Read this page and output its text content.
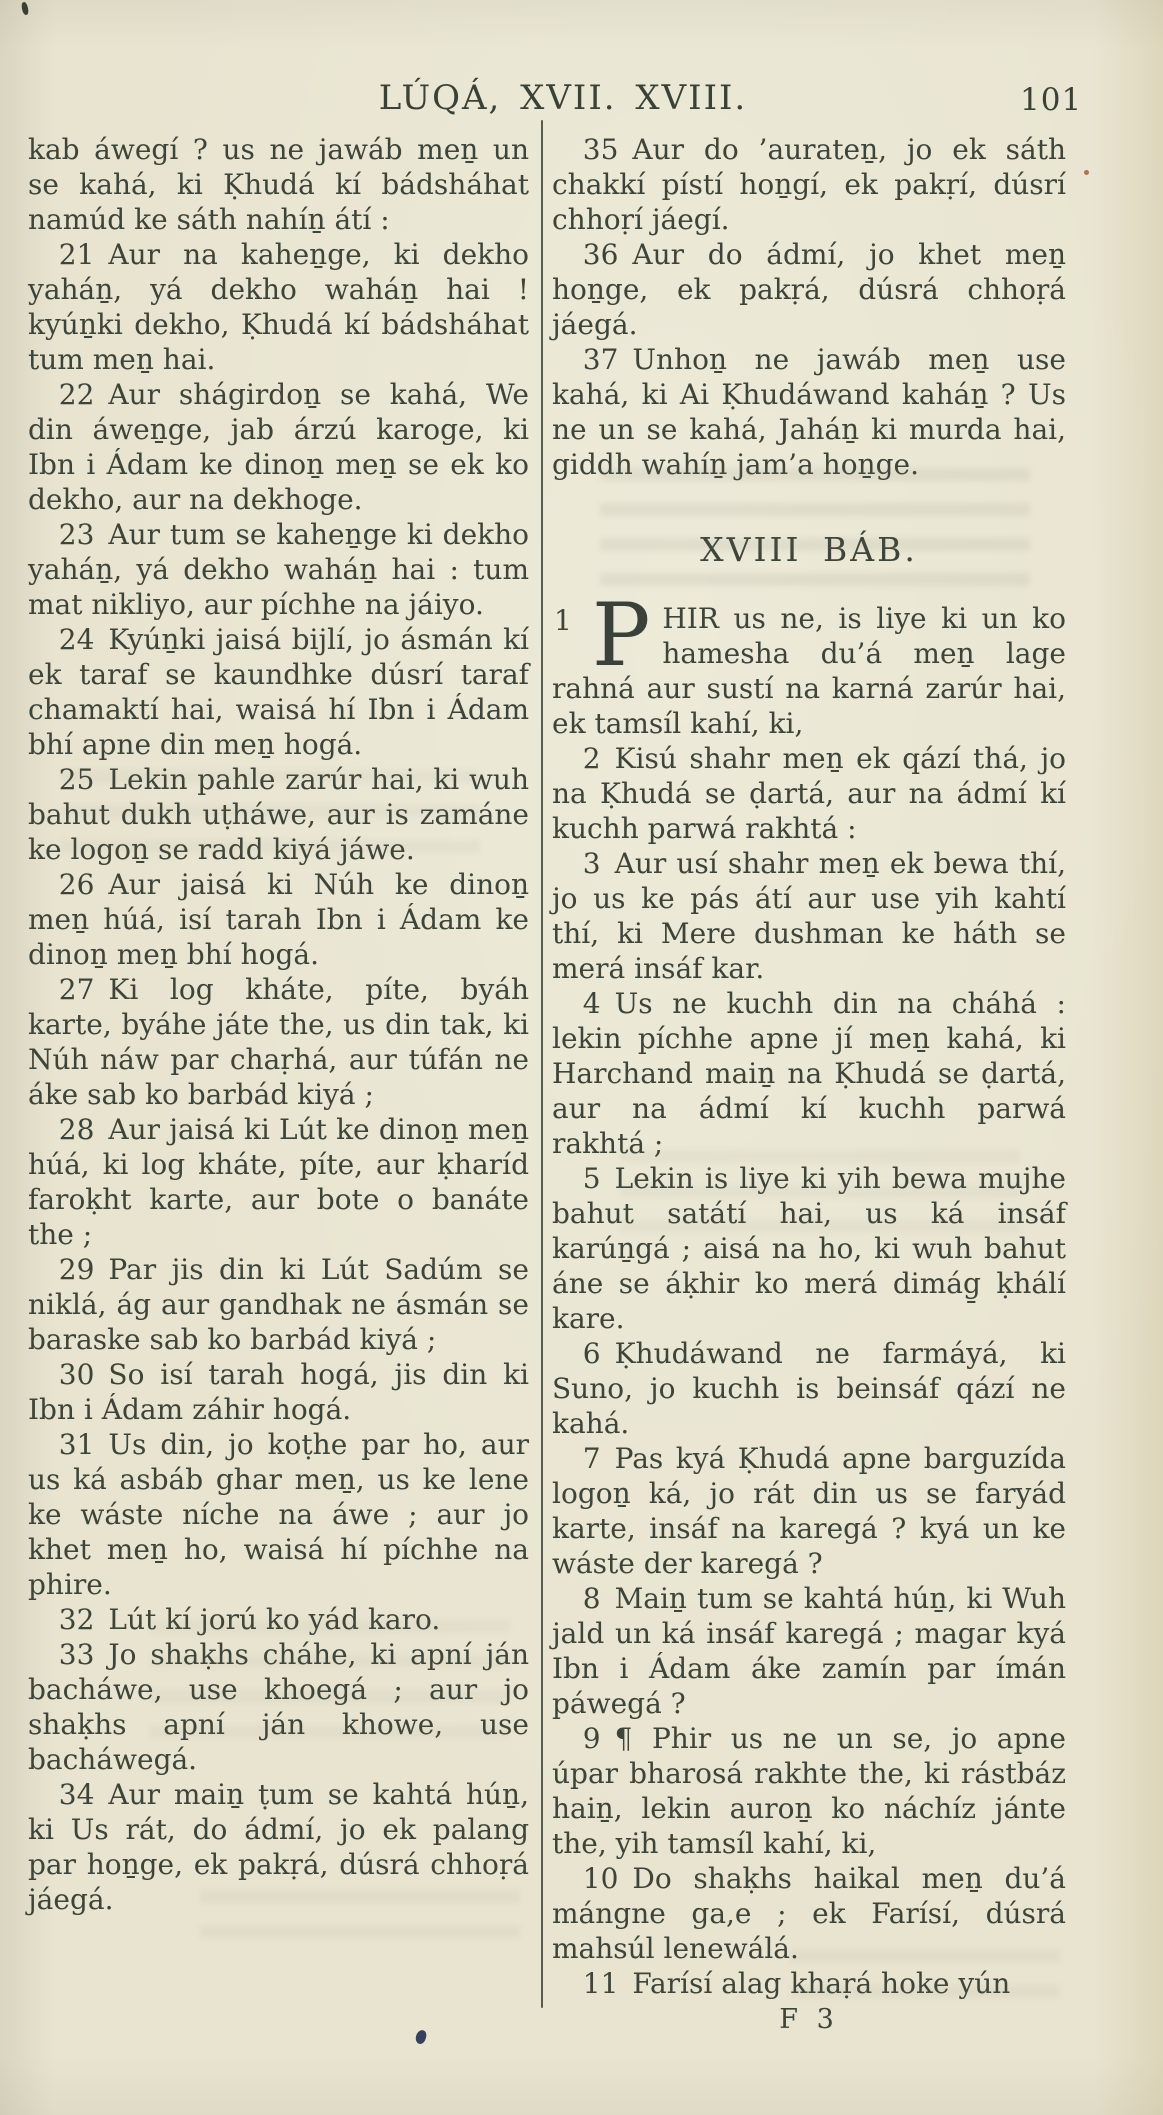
LÚQÁ, XVII. XVIII.	101

kab áwegí ? us ne jawáb meṉ un se kahá, ki Ḳhudá kí bádsháhat namúd ke sáth nahíṉ átí :

21 Aur na kaheṉge, ki dekho yaháṉ, yá dekho waháṉ hai ! kyúṉki dekho, Ḳhudá kí bádsháhat tum meṉ hai.

22 Aur shágirdoṉ se kahá, We din áweṉge, jab árzú karoge, ki Ibn i Ádam ke dinoṉ meṉ se ek ko dekho, aur na dekhoge.

23 Aur tum se kaheṉge ki dekho yaháṉ, yá dekho waháṉ hai : tum mat nikliyo, aur píchhe na jáiyo.

24 Kyúṉki jaisá bijlí, jo ásmán kí ek taraf se kaundhke dúsrí taraf chamaktí hai, waisá hí Ibn i Ádam bhí apne din meṉ hogá.

25 Lekin pahle zarúr hai, ki wuh bahut dukh uṭháwe, aur is zamáne ke logoṉ se radd kiyá jáwe.

26 Aur jaisá ki Núh ke dinoṉ meṉ húá, isí tarah Ibn i Ádam ke dinoṉ meṉ bhí hogá.

27 Ki log kháte, píte, byáh karte, byáhe játe the, us din tak, ki Núh náw par chaṛhá, aur túfán ne áke sab ko barbád kiyá ;

28 Aur jaisá ki Lút ke dinoṉ meṉ húá, ki log kháte, píte, aur ḳharíd faroḳht karte, aur bote o banáte the ;

29 Par jis din ki Lút Sadúm se niklá, ág aur gandhak ne ásmán se baraske sab ko barbád kiyá ;

30 So isí tarah hogá, jis din ki Ibn i Ádam záhir hogá.

31 Us din, jo koṭhe par ho, aur us ká asbáb ghar meṉ, us ke lene ke wáste níche na áwe ; aur jo khet meṉ ho, waisá hí píchhe na phire.

32 Lút kí jorú ko yád karo.

33 Jo shaḳhs cháhe, ki apní ján bacháwe, use khoegá ; aur jo shaḳhs apní ján khowe, use bacháwegá.

34 Aur maiṉ ṭum se kahtá húṉ, ki Us rát, do ádmí, jo ek palang par hoṉge, ek pakṛá, dúsrá chhoṛá jáegá.

35 Aur do ’aurateṉ, jo ek sáth chakkí pístí hoṉgí, ek pakṛí, dúsrí chhoṛí jáegí.

36 Aur do ádmí, jo khet meṉ hoṉge, ek pakṛá, dúsrá chhoṛá jáegá.

37 Unhoṉ ne jawáb meṉ use kahá, ki Ai Ḳhudáwand kaháṉ ? Us ne un se kahá, Jaháṉ ki murda hai, giddh wahíṉ jam’a hoṉge.

XVIII BÁB.

1 P HIR us ne, is liye ki un ko hamesha du’á meṉ lage rahná aur sustí na karná zarúr hai, ek tamsíl kahí, ki,

2 Kisú shahr meṉ ek qází thá, jo na Ḳhudá se ḍartá, aur na ádmí kí kuchh parwá rakhtá :

3 Aur usí shahr meṉ ek bewa thí, jo us ke pás átí aur use yih kahtí thí, ki Mere dushman ke háth se merá insáf kar.

4 Us ne kuchh din na cháhá : lekin píchhe apne jí meṉ kahá, ki Harchand maiṉ na Ḳhudá se ḍartá, aur na ádmí kí kuchh parwá rakhtá ;

5 Lekin is liye ki yih bewa mujhe bahut satátí hai, us ká insáf karúṉgá ; aisá na ho, ki wuh bahut áne se áḳhir ko merá dimág̱ ḳhálí kare.

6 Ḳhudáwand ne farmáyá, ki Suno, jo kuchh is beinsáf qází ne kahá.

7 Pas kyá Ḳhudá apne barguzída logoṉ ká, jo rát din us se faryád karte, insáf na karegá ? kyá un ke wáste der karegá ?

8 Maiṉ tum se kahtá húṉ, ki Wuh jald un ká insáf karegá ; magar kyá Ibn i Ádam áke zamín par ímán páwegá ?

9 ¶ Phir us ne un se, jo apne úpar bharosá rakhte the, ki rástbáz haiṉ, lekin auroṉ ko náchíz jánte the, yih tamsíl kahí, ki,

10 Do shaḳhs haikal meṉ du’á mángne ga,e ; ek Farísí, dúsrá mahsúl lenewálá.

11 Farísí alag khaṛá hoke yún

F 3
